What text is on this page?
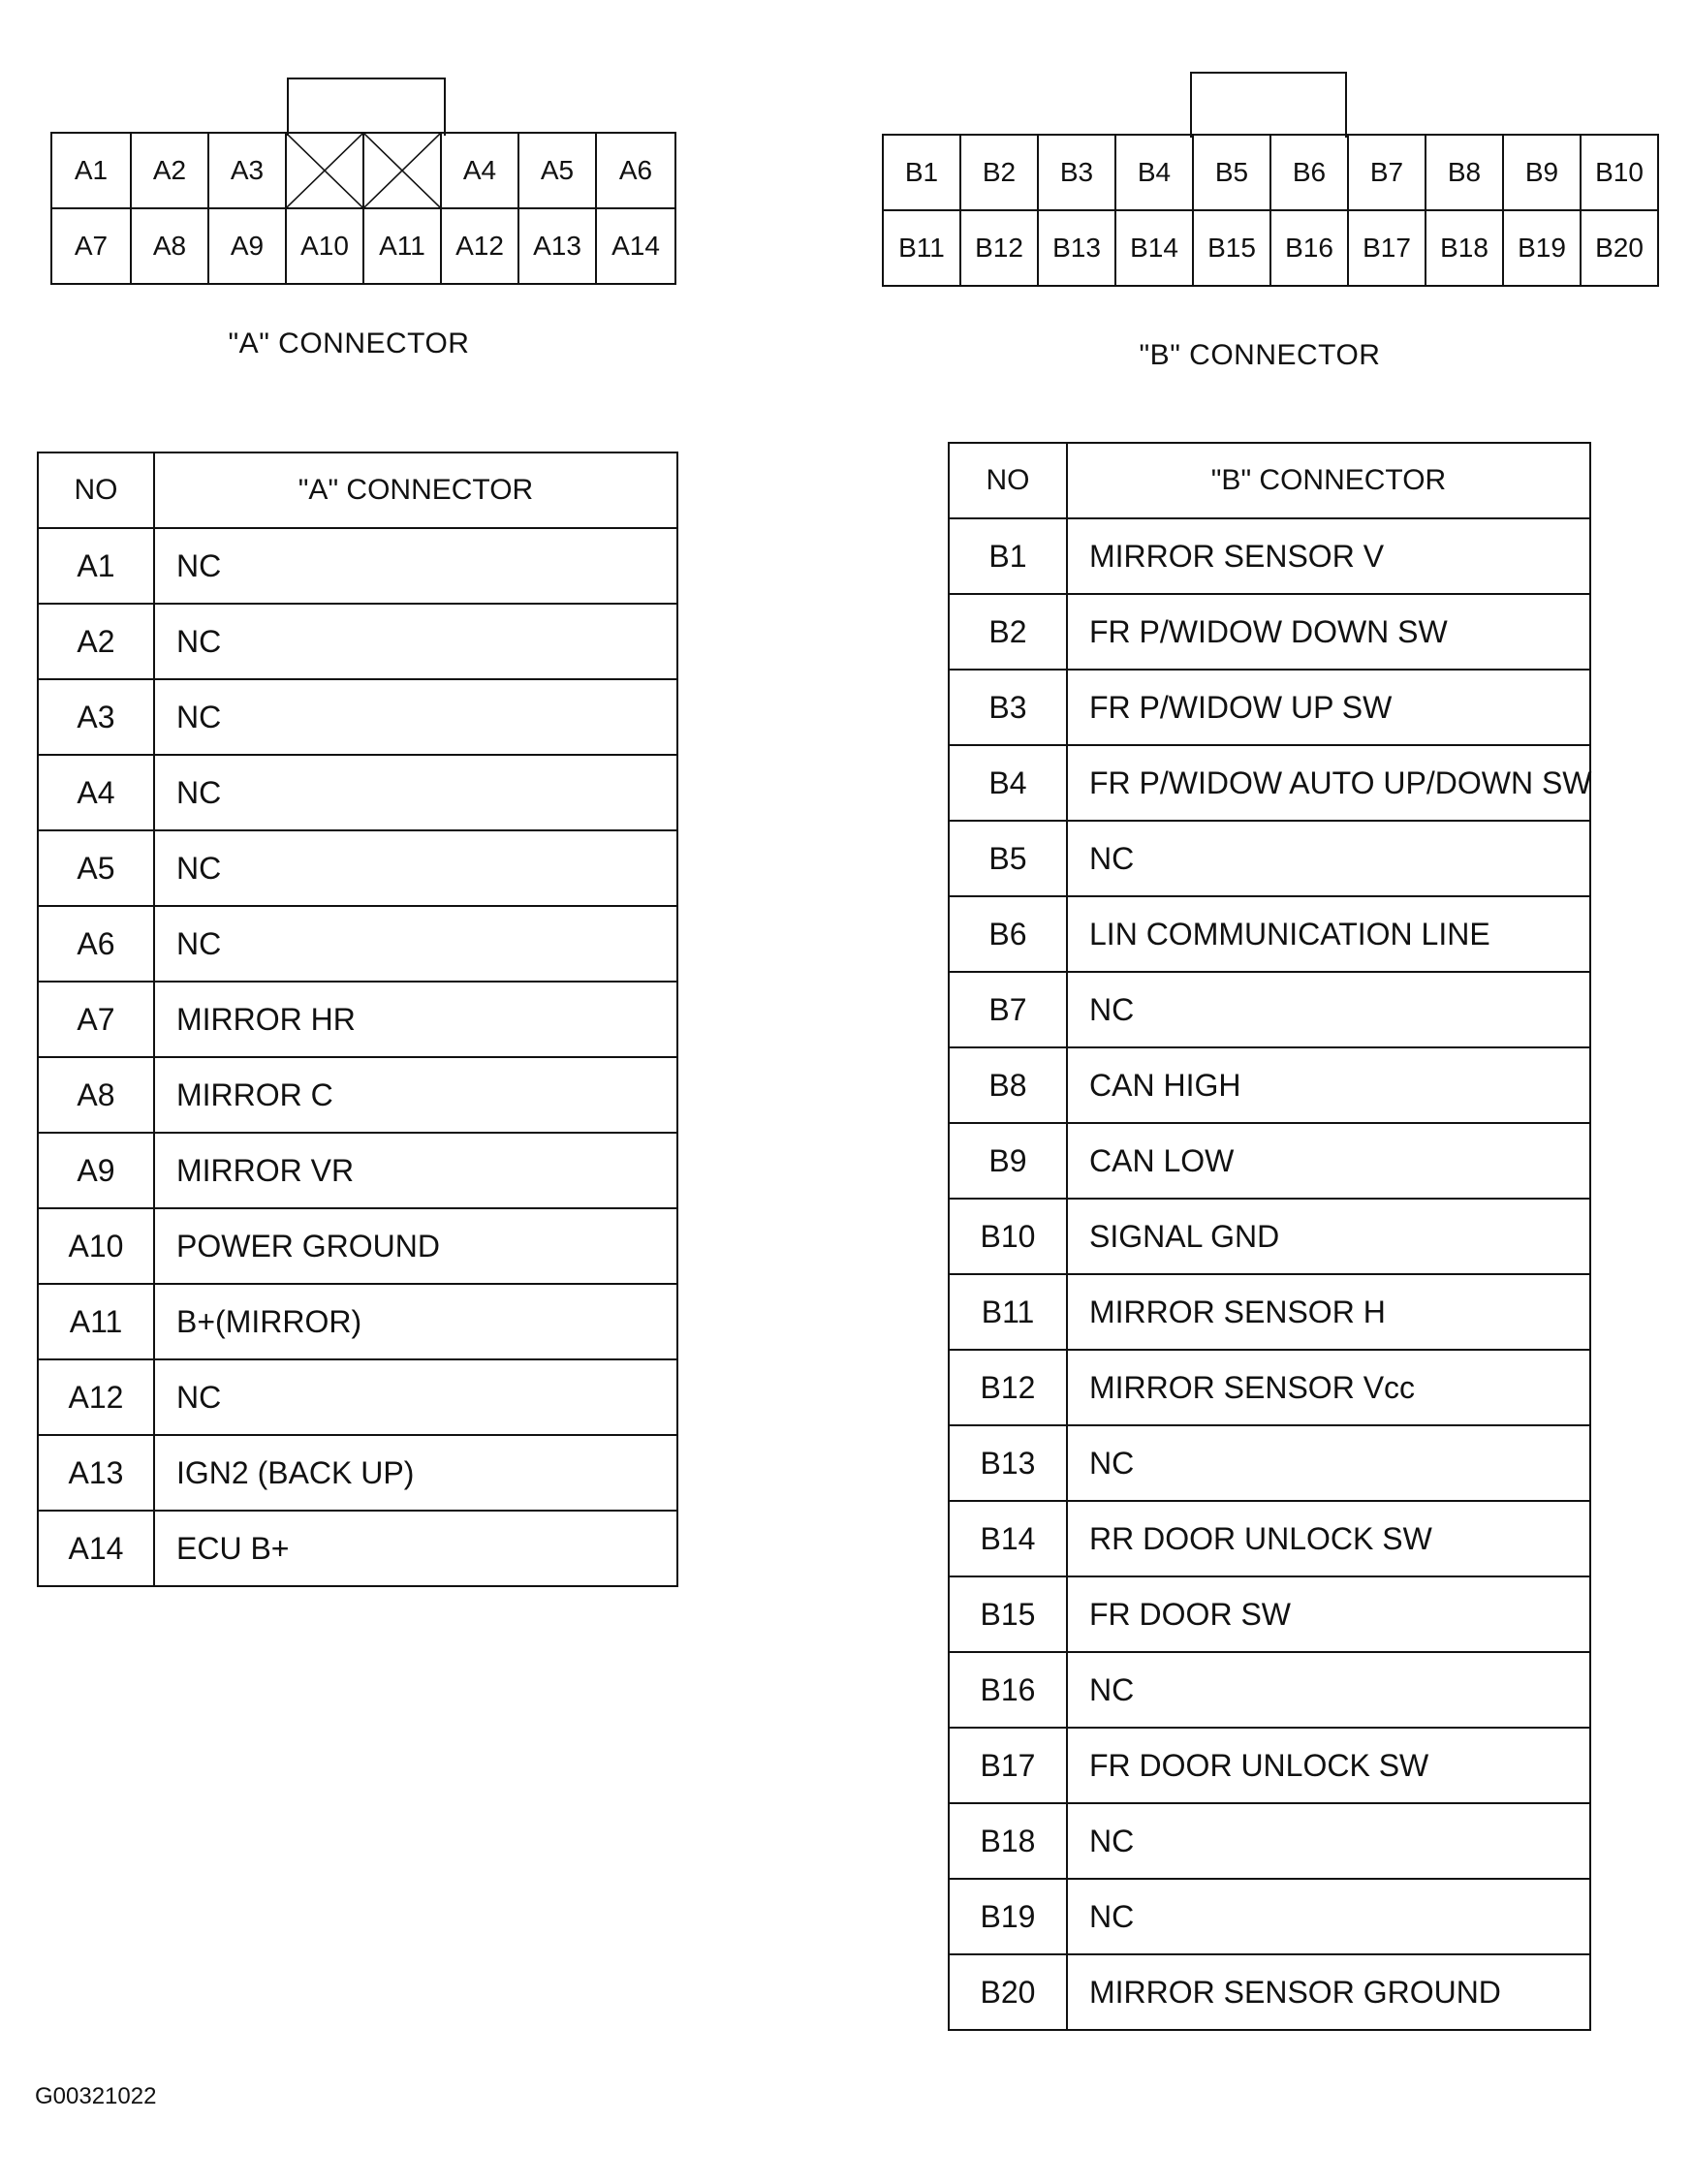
A1	A2	A3			A4	A5	A6
A7	A8	A9	A10	A11	A12	A13	A14
"A" CONNECTOR
B1	B2	B3	B4	B5	B6	B7	B8	B9	B10
B11	B12	B13	B14	B15	B16	B17	B18	B19	B20
"B" CONNECTOR
NO	"A" CONNECTOR
A1	NC
A2	NC
A3	NC
A4	NC
A5	NC
A6	NC
A7	MIRROR HR
A8	MIRROR C
A9	MIRROR VR
A10	POWER GROUND
A11	B+(MIRROR)
A12	NC
A13	IGN2 (BACK UP)
A14	ECU B+
NO	"B" CONNECTOR
B1	MIRROR SENSOR V
B2	FR P/WIDOW DOWN SW
B3	FR P/WIDOW UP SW
B4	FR P/WIDOW AUTO UP/DOWN SW
B5	NC
B6	LIN COMMUNICATION LINE
B7	NC
B8	CAN HIGH
B9	CAN LOW
B10	SIGNAL GND
B11	MIRROR SENSOR H
B12	MIRROR SENSOR Vcc
B13	NC
B14	RR DOOR UNLOCK SW
B15	FR DOOR SW
B16	NC
B17	FR DOOR UNLOCK SW
B18	NC
B19	NC
B20	MIRROR SENSOR GROUND
G00321022
